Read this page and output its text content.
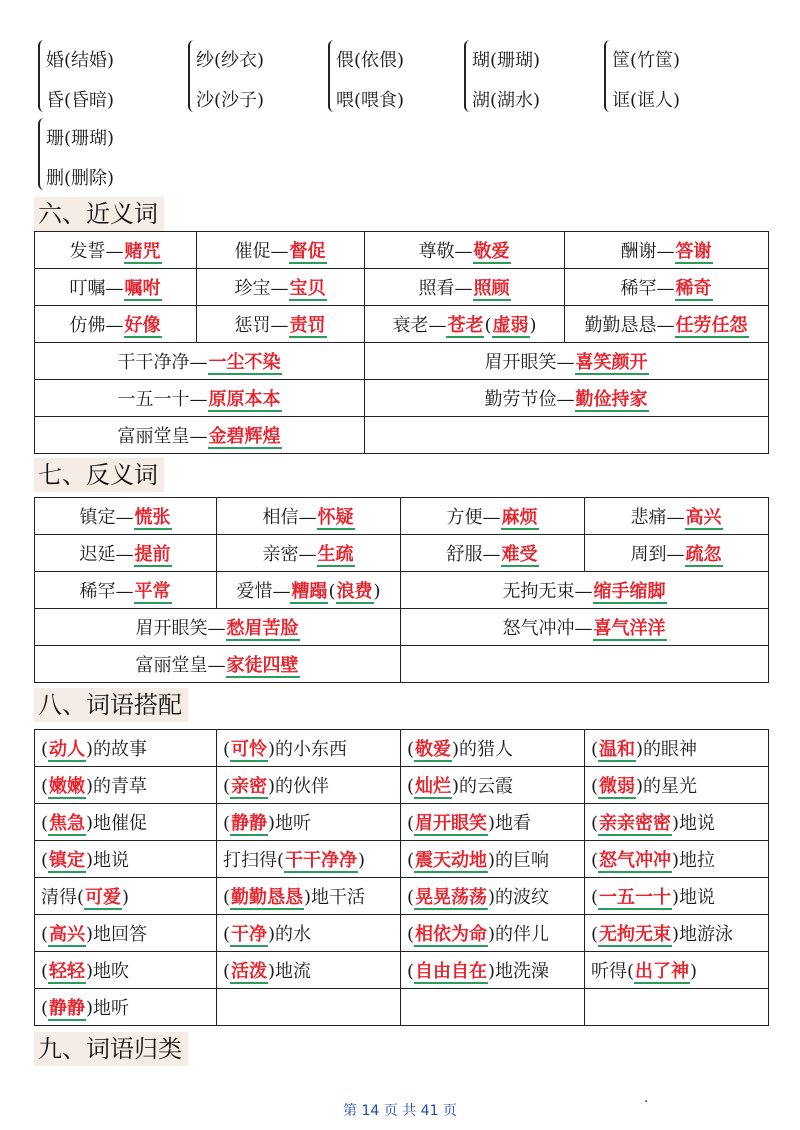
婚(结婚)
昏(昏暗)
纱(纱衣)
沙(沙子)
偎(依偎)
喂(喂食)
瑚(珊瑚)
湖(湖水)
筐(竹筐)
诓(诓人)
珊(珊瑚)
删(删除)
六、近义词
发誓—赌咒	催促—督促	尊敬—敬爱	酬谢—答谢
叮嘱—嘱咐	珍宝—宝贝	照看—照顾	稀罕—稀奇
仿佛—好像	惩罚—责罚	衰老—苍老(虚弱)	勤勤恳恳—任劳任怨
干干净净—一尘不染		眉开眼笑—喜笑颜开	
一五一十—原原本本		勤劳节俭—勤俭持家	
富丽堂皇—金碧辉煌			
七、反义词
镇定—慌张	相信—怀疑	方便—麻烦	悲痛—高兴
迟延—提前	亲密—生疏	舒服—难受	周到—疏忽
稀罕—平常	爱惜—糟蹋(浪费)	无拘无束—缩手缩脚	
眉开眼笑—愁眉苦脸		怒气冲冲—喜气洋洋	
富丽堂皇—家徒四壁			
八、词语搭配
(动人)的故事	(可怜)的小东西	(敬爱)的猎人	(温和)的眼神
(嫩嫩)的青草	(亲密)的伙伴	(灿烂)的云霞	(微弱)的星光
(焦急)地催促	(静静)地听	(眉开眼笑)地看	(亲亲密密)地说
(镇定)地说	打扫得(干干净净)	(震天动地)的巨响	(怒气冲冲)地拉
清得(可爱)	(勤勤恳恳)地干活	(晃晃荡荡)的波纹	(一五一十)地说
(高兴)地回答	(干净)的水	(相依为命)的伴儿	(无拘无束)地游泳
(轻轻)地吹	(活泼)地流	(自由自在)地洗澡	听得(出了神)
(静静)地听			
九、词语归类
第 14 页 共 41 页
·
